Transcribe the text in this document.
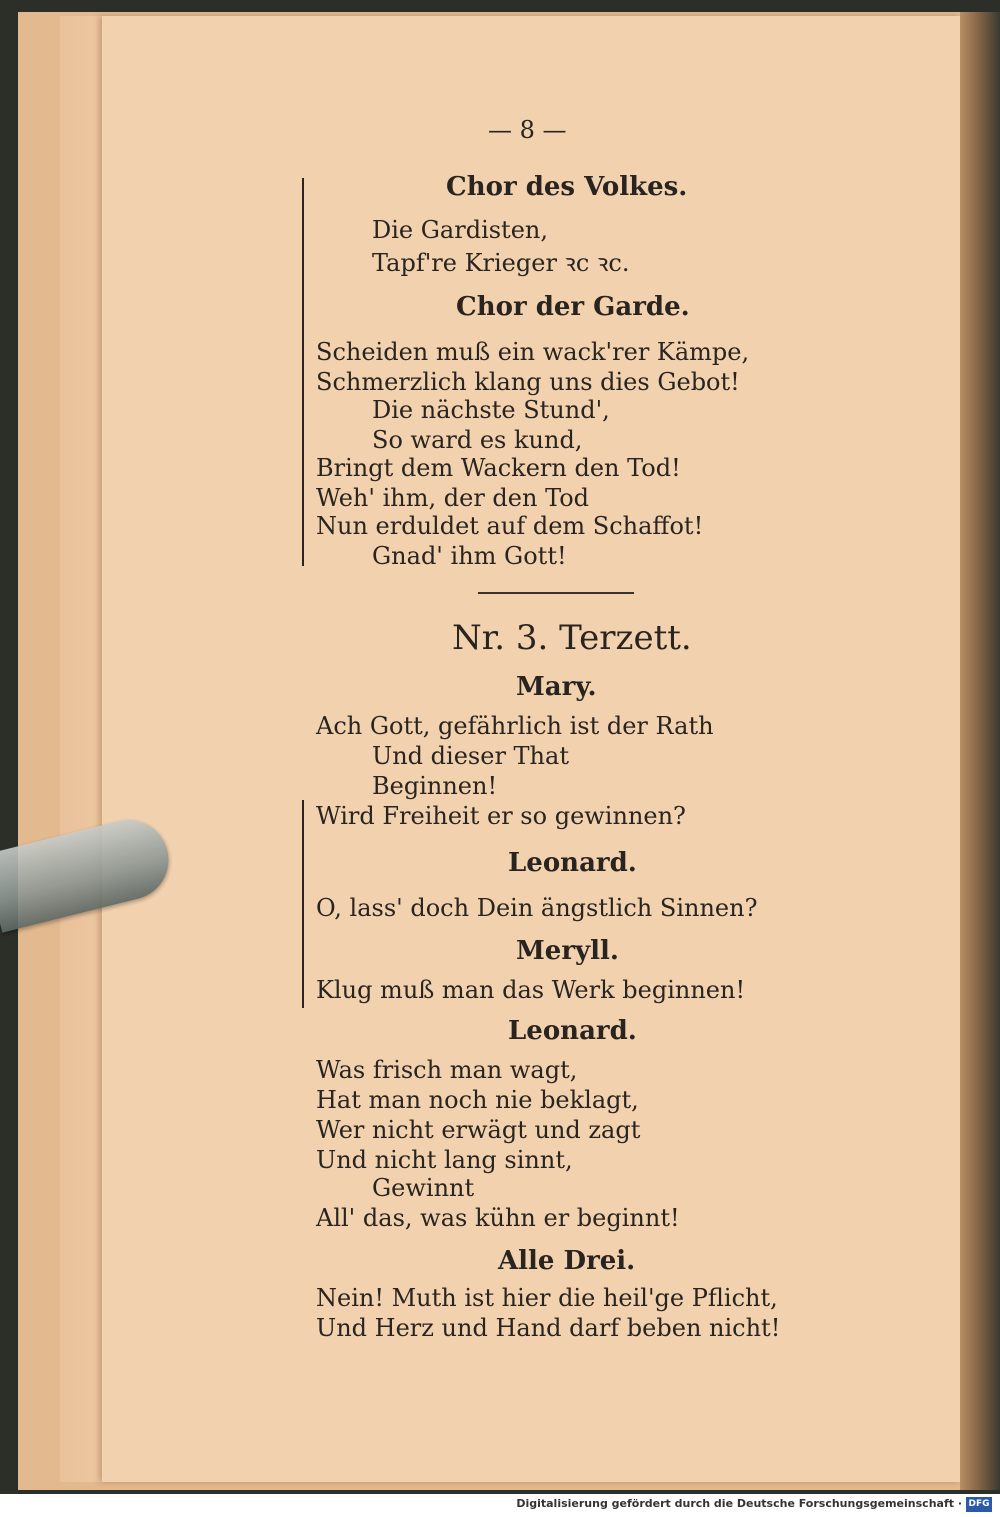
— 8 —
Chor des Volkes.
Die Gardisten,
Tapf're Krieger ꝛc ꝛc.
Chor der Garde.
Scheiden muß ein wack'rer Kämpe,
Schmerzlich klang uns dies Gebot!
Die nächste Stund',
So ward es kund,
Bringt dem Wackern den Tod!
Weh' ihm, der den Tod
Nun erduldet auf dem Schaffot!
Gnad' ihm Gott!
Nr. 3. Terzett.
Mary.
Ach Gott, gefährlich ist der Rath
Und dieser That
Beginnen!
Wird Freiheit er so gewinnen?
Leonard.
O, lass' doch Dein ängstlich Sinnen?
Meryll.
Klug muß man das Werk beginnen!
Leonard.
Was frisch man wagt,
Hat man noch nie beklagt,
Wer nicht erwägt und zagt
Und nicht lang sinnt,
Gewinnt
All' das, was kühn er beginnt!
Alle Drei.
Nein! Muth ist hier die heil'ge Pflicht,
Und Herz und Hand darf beben nicht!
Digitalisierung gefördert durch die Deutsche Forschungsgemeinschaft · DFG
